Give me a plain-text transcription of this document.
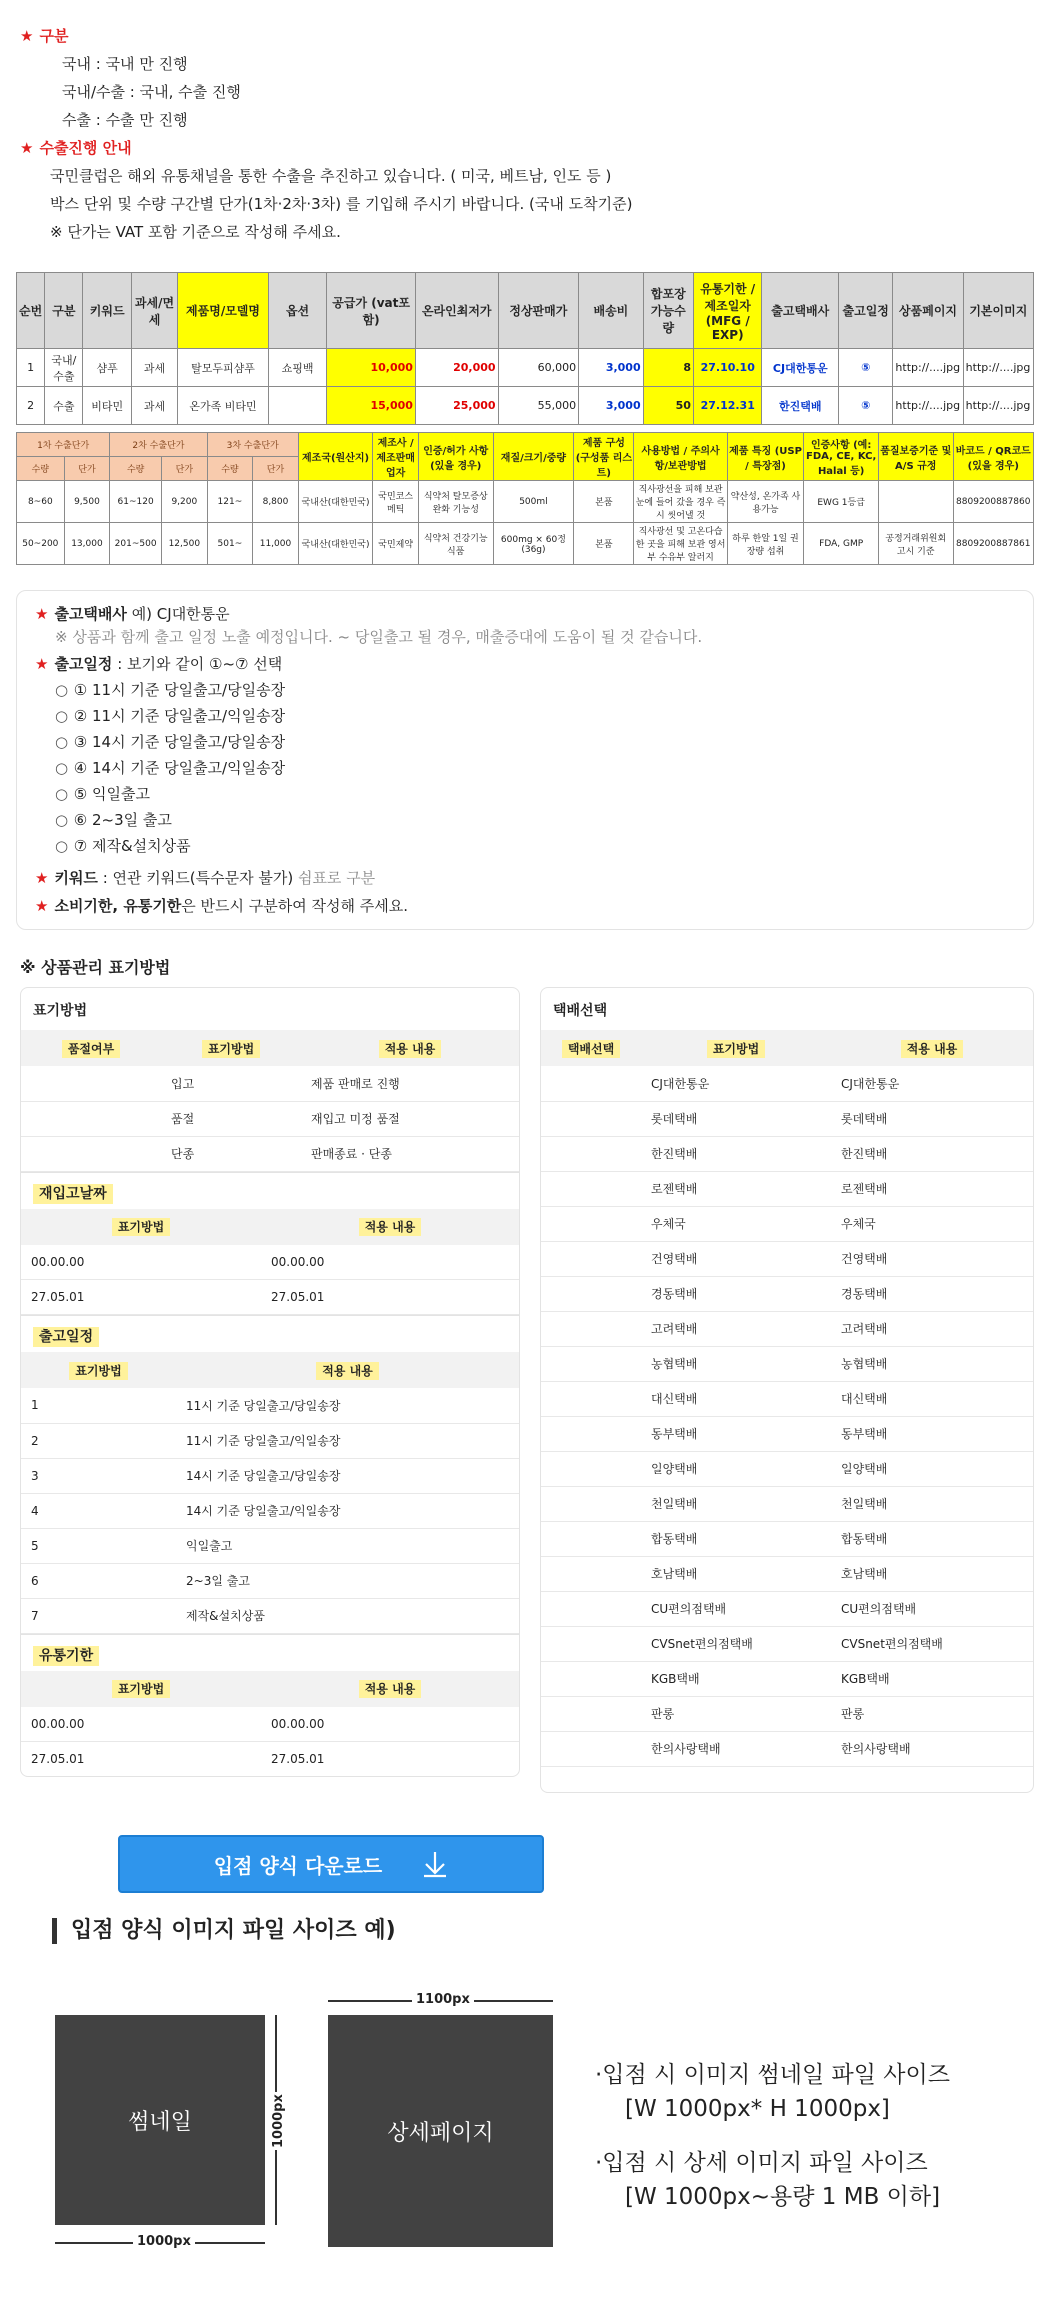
★ 구분
국내 : 국내 만 진행
국내/수출 : 국내, 수출 진행
수출 : 수출 만 진행
★ 수출진행 안내
국민클럽은 해외 유통채널을 통한 수출을 추진하고 있습니다. ( 미국, 베트남, 인도 등 )
박스 단위 및 수량 구간별 단가(1차·2차·3차) 를 기입해 주시기 바랍니다. (국내 도착기준)
※ 단가는 VAT 포함 기준으로 작성해 주세요.
순번	구분	키워드	과세/면세	제품명/모델명	옵션	공급가 (vat포함)	온라인최저가	정상판매가	배송비	합포장 가능수량	유통기한 / 제조일자 (MFG / EXP)	출고택배사	출고일정	상품페이지	기본이미지
1	국내/수출	샴푸	과세	탈모두피샴푸	쇼핑백	10,000	20,000	60,000	3,000	8	27.10.10	CJ대한통운	⑤	http://....jpg	http://....jpg
2	수출	비타민	과세	온가족 비타민		15,000	25,000	55,000	3,000	50	27.12.31	한진택배	⑤	http://....jpg	http://....jpg
1차 수출단가		2차 수출단가		3차 수출단가		제조국(원산지)	제조사 / 제조판매업자	인증/허가 사항 (있을 경우)	재질/크기/중량	제품 구성 (구성품 리스트)	사용방법 / 주의사항/보관방법	제품 특징 (USP / 특장점)	인증사항 (예: FDA, CE, KC, Halal 등)	품질보증기준 및 A/S 규정	바코드 / QR코드 (있을 경우)
수량	단가	수량	단가	수량	단가										
8~60	9,500	61~120	9,200	121~	8,800	국내산(대한민국)	국민코스메틱	식약처 탈모증상완화 기능성	500ml	본품	직사광선을 피해 보관 눈에 들어 갔을 경우 즉시 씻어낼 것	약산성, 온가족 사용가능	EWG 1등급		8809200887860
50~200	13,000	201~500	12,500	501~	11,000	국내산(대한민국)	국민제약	식약처 건강기능식품	600mg × 60정(36g)	본품	직사광선 및 고온다습한 곳을 피해 보관 영서부 수유부 알러지	하루 한알 1일 권장량 섭취	FDA, GMP	공정거래위원회 고시 기준	8809200887861
★ 출고택배사 예) CJ대한통운
※ 상품과 함께 출고 일정 노출 예정입니다. ~ 당일출고 될 경우, 매출증대에 도움이 될 것 같습니다.
★ 출고일정 : 보기와 같이 ①~⑦ 선택
○ ① 11시 기준 당일출고/당일송장
○ ② 11시 기준 당일출고/익일송장
○ ③ 14시 기준 당일출고/당일송장
○ ④ 14시 기준 당일출고/익일송장
○ ⑤ 익일출고
○ ⑥ 2~3일 출고
○ ⑦ 제작&설치상품
★ 키워드 : 연관 키워드(특수문자 불가) 쉼표로 구분
★ 소비기한, 유통기한은 반드시 구분하여 작성해 주세요.
※ 상품관리 표기방법
표기방법
품절여부	표기방법	적용 내용
	입고	제품 판매로 진행
	품절	재입고 미정 품절
	단종	판매종료 · 단종
재입고날짜
표기방법	적용 내용
00.00.00	00.00.00
27.05.01	27.05.01
출고일정
표기방법	적용 내용
1	11시 기준 당일출고/당일송장
2	11시 기준 당일출고/익일송장
3	14시 기준 당일출고/당일송장
4	14시 기준 당일출고/익일송장
5	익일출고
6	2~3일 출고
7	제작&설치상품
유통기한
표기방법	적용 내용
00.00.00	00.00.00
27.05.01	27.05.01
택배선택
택배선택	표기방법	적용 내용
	CJ대한통운	CJ대한통운
	롯데택배	롯데택배
	한진택배	한진택배
	로젠택배	로젠택배
	우체국	우체국
	건영택배	건영택배
	경동택배	경동택배
	고려택배	고려택배
	농협택배	농협택배
	대신택배	대신택배
	동부택배	동부택배
	일양택배	일양택배
	천일택배	천일택배
	합동택배	합동택배
	호남택배	호남택배
	CU편의점택배	CU편의점택배
	CVSnet편의점택배	CVSnet편의점택배
	KGB택배	KGB택배
	판롱	판롱
	한의사랑택배	한의사랑택배
입점 양식 다운로드
입점 양식 이미지 파일 사이즈 예)
썸네일	1000px
1000px
1100px
상세페이지
·입점 시 이미지 썸네일 파일 사이즈
[W 1000px* H 1000px]
·입점 시 상세 이미지 파일 사이즈
[W 1000px~용량 1 MB 이하]
